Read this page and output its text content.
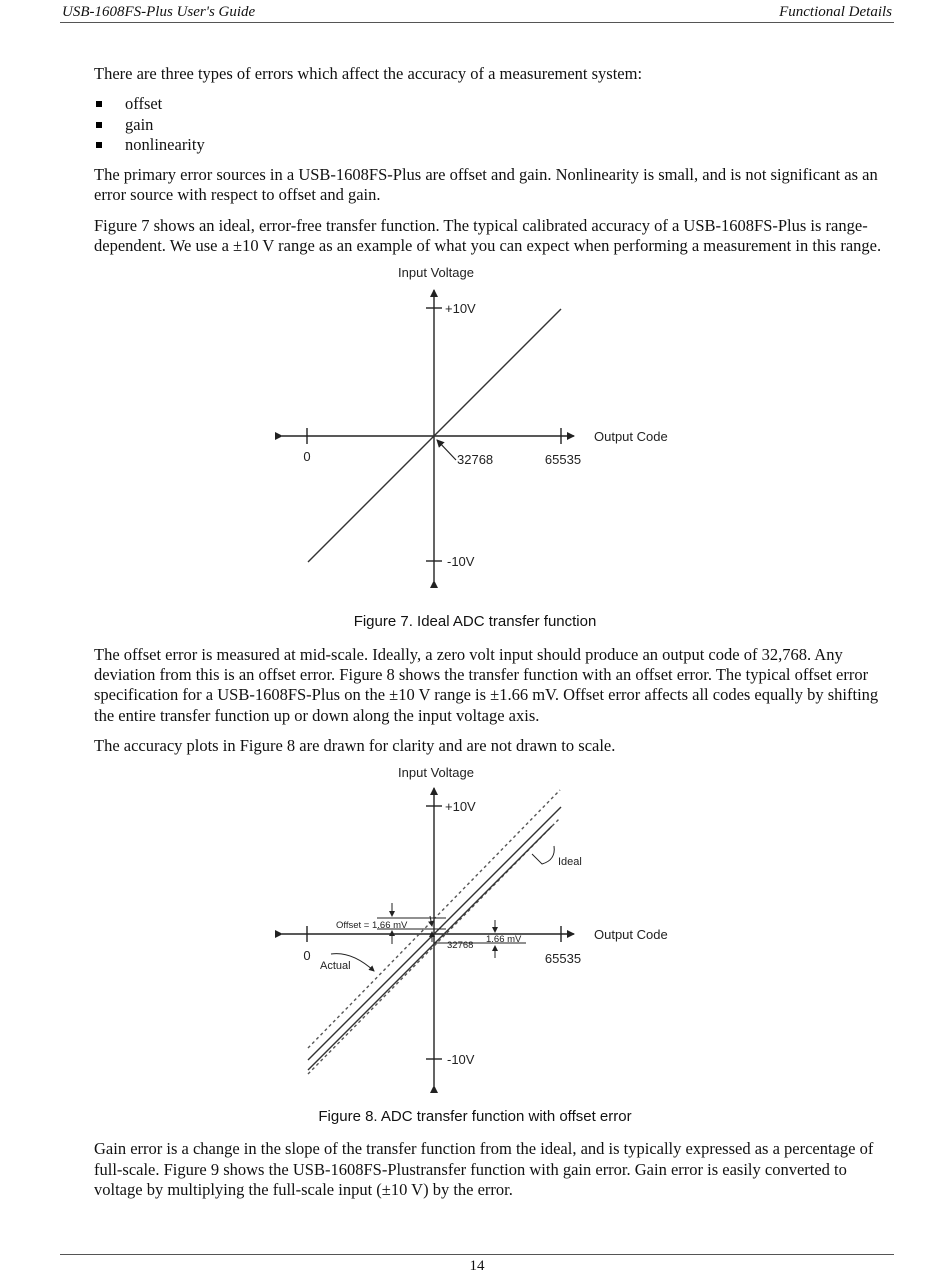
USB-1608FS-Plus User's Guide	Functional Details

There are three types of errors which affect the accuracy of a measurement system:

offset
gain
nonlinearity

The primary error sources in a USB-1608FS-Plus are offset and gain. Nonlinearity is small, and is not significant as an error source with respect to offset and gain.

Figure 7 shows an ideal, error-free transfer function. The typical calibrated accuracy of a USB-1608FS-Plus is range-dependent. We use a ±10 V range as an example of what you can expect when performing a measurement in this range.

Input Voltage
+10V
-10V
Output Code
0	32768	65535
Figure 7. Ideal ADC transfer function

The offset error is measured at mid-scale. Ideally, a zero volt input should produce an output code of 32,768. Any deviation from this is an offset error. Figure 8 shows the transfer function with an offset error. The typical offset error specification for a USB-1608FS-Plus on the ±10 V range is ±1.66 mV. Offset error affects all codes equally by shifting the entire transfer function up or down along the input voltage axis.

The accuracy plots in Figure 8 are drawn for clarity and are not drawn to scale.

Input Voltage
+10V
-10V
Output Code
0
32768
65535
Offset = 1.66 mV
1.66 mV
Ideal
Actual
Figure 8. ADC transfer function with offset error

Gain error is a change in the slope of the transfer function from the ideal, and is typically expressed as a percentage of full-scale. Figure 9 shows the USB-1608FS-Plustransfer function with gain error. Gain error is easily converted to voltage by multiplying the full-scale input (±10 V) by the error.

14
